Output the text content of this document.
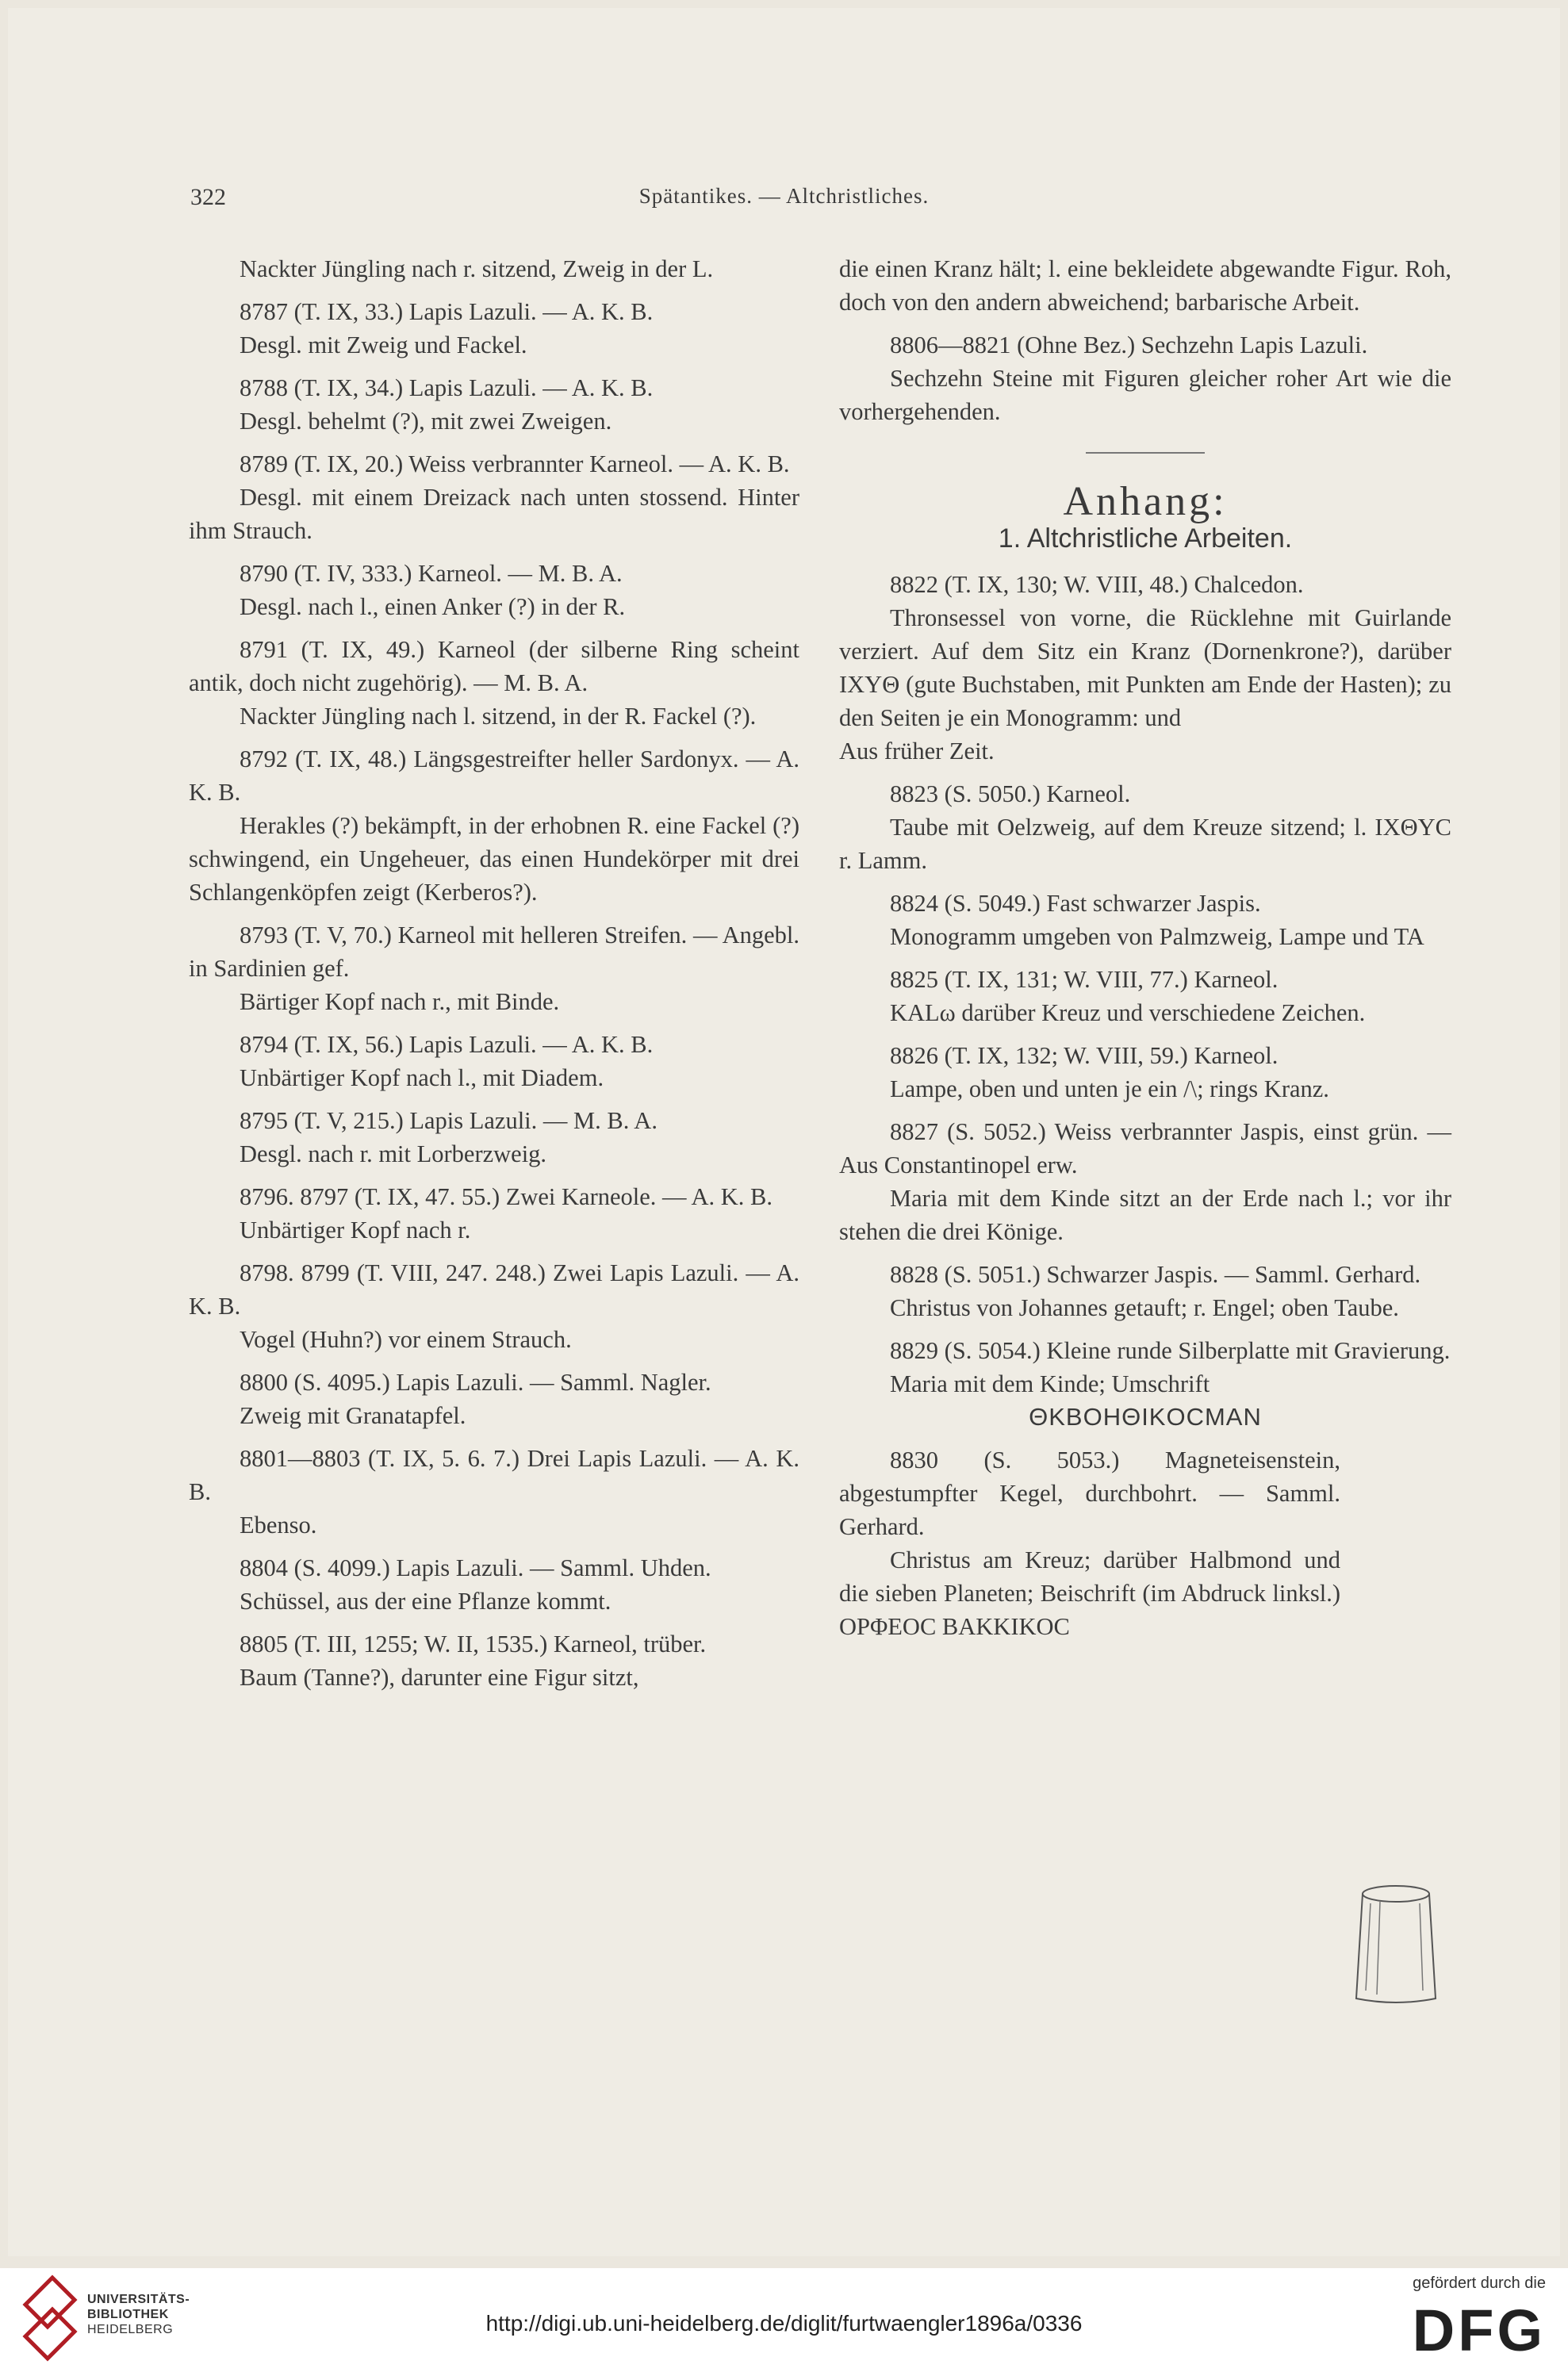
322	Spätantikes. — Altchristliches.

Nackter Jüngling nach r. sitzend, Zweig in der L.

8787 (T. IX, 33.) Lapis Lazuli. — A. K. B.

Desgl. mit Zweig und Fackel.

8788 (T. IX, 34.) Lapis Lazuli. — A. K. B.

Desgl. behelmt (?), mit zwei Zweigen.

8789 (T. IX, 20.) Weiss verbrannter Karneol. — A. K. B.

Desgl. mit einem Dreizack nach unten stossend. Hinter ihm Strauch.

8790 (T. IV, 333.) Karneol. — M. B. A.

Desgl. nach l., einen Anker (?) in der R.

8791 (T. IX, 49.) Karneol (der silberne Ring scheint antik, doch nicht zugehörig). — M. B. A.

Nackter Jüngling nach l. sitzend, in der R. Fackel (?).

8792 (T. IX, 48.) Längsgestreifter heller Sardonyx. — A. K. B.

Herakles (?) bekämpft, in der erhobnen R. eine Fackel (?) schwingend, ein Ungeheuer, das einen Hundekörper mit drei Schlangenköpfen zeigt (Kerberos?).

8793 (T. V, 70.) Karneol mit helleren Streifen. — Angebl. in Sardinien gef.

Bärtiger Kopf nach r., mit Binde.

8794 (T. IX, 56.) Lapis Lazuli. — A. K. B.

Unbärtiger Kopf nach l., mit Diadem.

8795 (T. V, 215.) Lapis Lazuli. — M. B. A.

Desgl. nach r. mit Lorberzweig.

8796. 8797 (T. IX, 47. 55.) Zwei Karneole. — A. K. B.

Unbärtiger Kopf nach r.

8798. 8799 (T. VIII, 247. 248.) Zwei Lapis Lazuli. — A. K. B.

Vogel (Huhn?) vor einem Strauch.

8800 (S. 4095.) Lapis Lazuli. — Samml. Nagler.

Zweig mit Granatapfel.

8801—8803 (T. IX, 5. 6. 7.) Drei Lapis Lazuli. — A. K. B.

Ebenso.

8804 (S. 4099.) Lapis Lazuli. — Samml. Uhden.

Schüssel, aus der eine Pflanze kommt.

8805 (T. III, 1255; W. II, 1535.) Karneol, trüber.

Baum (Tanne?), darunter eine Figur sitzt,

die einen Kranz hält; l. eine bekleidete abgewandte Figur. Roh, doch von den andern abweichend; barbarische Arbeit.

8806—8821 (Ohne Bez.) Sechzehn Lapis Lazuli.

Sechzehn Steine mit Figuren gleicher roher Art wie die vorhergehenden.

Anhang:
1. Altchristliche Arbeiten.

8822 (T. IX, 130; W. VIII, 48.) Chalcedon.

Thronsessel von vorne, die Rücklehne mit Guirlande verziert. Auf dem Sitz ein Kranz (Dornenkrone?), darüber IXYΘ (gute Buchstaben, mit Punkten am Ende der Hasten); zu den Seiten je ein Monogramm: und

Aus früher Zeit.

8823 (S. 5050.) Karneol.

Taube mit Oelzweig, auf dem Kreuze sitzend; l. IXΘYC r. Lamm.

8824 (S. 5049.) Fast schwarzer Jaspis.

Monogramm umgeben von Palmzweig, Lampe und TA

8825 (T. IX, 131; W. VIII, 77.) Karneol.

KALω darüber Kreuz und verschiedene Zeichen.

8826 (T. IX, 132; W. VIII, 59.) Karneol.

Lampe, oben und unten je ein /\; rings Kranz.

8827 (S. 5052.) Weiss verbrannter Jaspis, einst grün. — Aus Constantinopel erw.

Maria mit dem Kinde sitzt an der Erde nach l.; vor ihr stehen die drei Könige.

8828 (S. 5051.) Schwarzer Jaspis. — Samml. Gerhard.

Christus von Johannes getauft; r. Engel; oben Taube.

8829 (S. 5054.) Kleine runde Silberplatte mit Gravierung.

Maria mit dem Kinde; Umschrift

ΘKBOHΘIKOCMAN

8830 (S. 5053.) Magneteisenstein, abgestumpfter Kegel, durchbohrt. — Samml. Gerhard.

Christus am Kreuz; darüber Halbmond und die sieben Planeten; Beischrift (im Abdruck linksl.) OPΦEOC BAKKIKOC

UNIVERSITÄTS-
BIBLIOTHEK
HEIDELBERG	http://digi.ub.uni-heidelberg.de/diglit/furtwaengler1896a/0336
gefördert durch die
DFG
